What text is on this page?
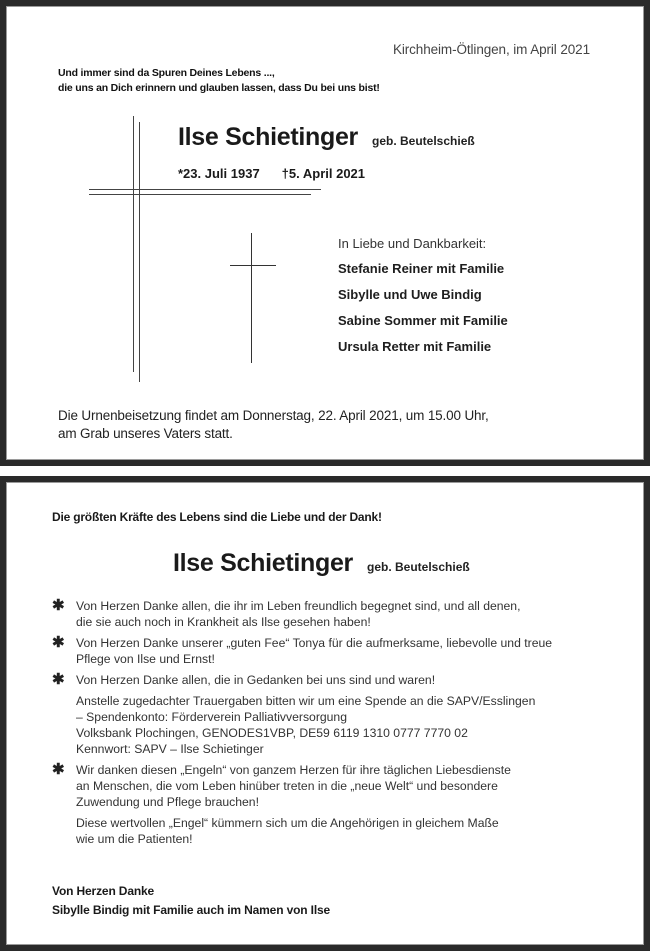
Kirchheim-Ötlingen, im April 2021
Und immer sind da Spuren Deines Lebens ...,
die uns an Dich erinnern und glauben lassen, dass Du bei uns bist!
Ilse Schietinger geb. Beutelschieß
*23. Juli 1937 †5. April 2021
In Liebe und Dankbarkeit:
Stefanie Reiner mit Familie
Sibylle und Uwe Bindig
Sabine Sommer mit Familie
Ursula Retter mit Familie
Die Urnenbeisetzung findet am Donnerstag, 22. April 2021, um 15.00 Uhr,
am Grab unseres Vaters statt.
Die größten Kräfte des Lebens sind die Liebe und der Dank!
Ilse Schietinger geb. Beutelschieß
✱ Von Herzen Danke allen, die ihr im Leben freundlich begegnet sind, und all denen,
die sie auch noch in Krankheit als Ilse gesehen haben!
✱ Von Herzen Danke unserer „guten Fee“ Tonya für die aufmerksame, liebevolle und treue
Pflege von Ilse und Ernst!
✱ Von Herzen Danke allen, die in Gedanken bei uns sind und waren!
Anstelle zugedachter Trauergaben bitten wir um eine Spende an die SAPV/Esslingen
– Spendenkonto: Förderverein Palliativversorgung
Volksbank Plochingen, GENODES1VBP, DE59 6119 1310 0777 7770 02
Kennwort: SAPV – Ilse Schietinger
✱ Wir danken diesen „Engeln“ von ganzem Herzen für ihre täglichen Liebesdienste
an Menschen, die vom Leben hinüber treten in die „neue Welt“ und besondere
Zuwendung und Pflege brauchen!
Diese wertvollen „Engel“ kümmern sich um die Angehörigen in gleichem Maße
wie um die Patienten!
Von Herzen Danke
Sibylle Bindig mit Familie auch im Namen von Ilse
